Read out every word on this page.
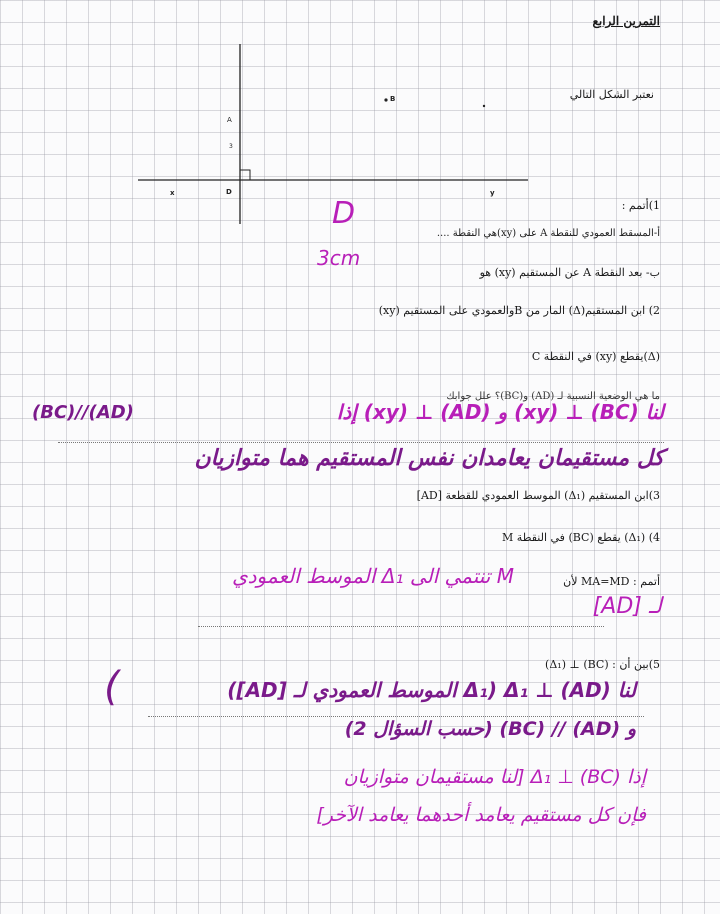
التمرين الرابع
نعتبر الشكل التالي
A
3
B
D
x	y
1)أتمم :
أ-المسقط العمودي للنقطة A على (xy)هي النقطة ....
D
3cm
ب- بعد النقطة A عن المستقيم (xy) هو
2) ابن المستقيم(Δ) المار من Bوالعمودي على المستقيم (xy)
(Δ)يقطع (xy) في النقطة C
ما هي الوضعية النسبية لـ (AD) و(BC)؟ علل جوابك
لنا (BC) ⊥ (xy) و (AD) ⊥ (xy) إذا
(BC)//(AD)
كل مستقيمان يعامدان نفس المستقيم هما متوازيان
3)ابن المستقيم (Δ₁) الموسط العمودي للقطعة [AD]
4) (Δ₁) يقطع (BC) في النقطة M
أتمم : MA=MD لأن
M تنتمي الى Δ₁ الموسط العمودي
لـ [AD]
5)بين أن : (BC) ⊥ (Δ₁)
لنا Δ₁ ⊥ (AD) (Δ₁ الموسط العمودي لـ [AD])
(
و (AD) // (BC) (حسب السؤال 2)
إذا Δ₁ ⊥ (BC) [لنا مستقيمان متوازيان
فإن كل مستقيم يعامد أحدهما يعامد الآخر]
